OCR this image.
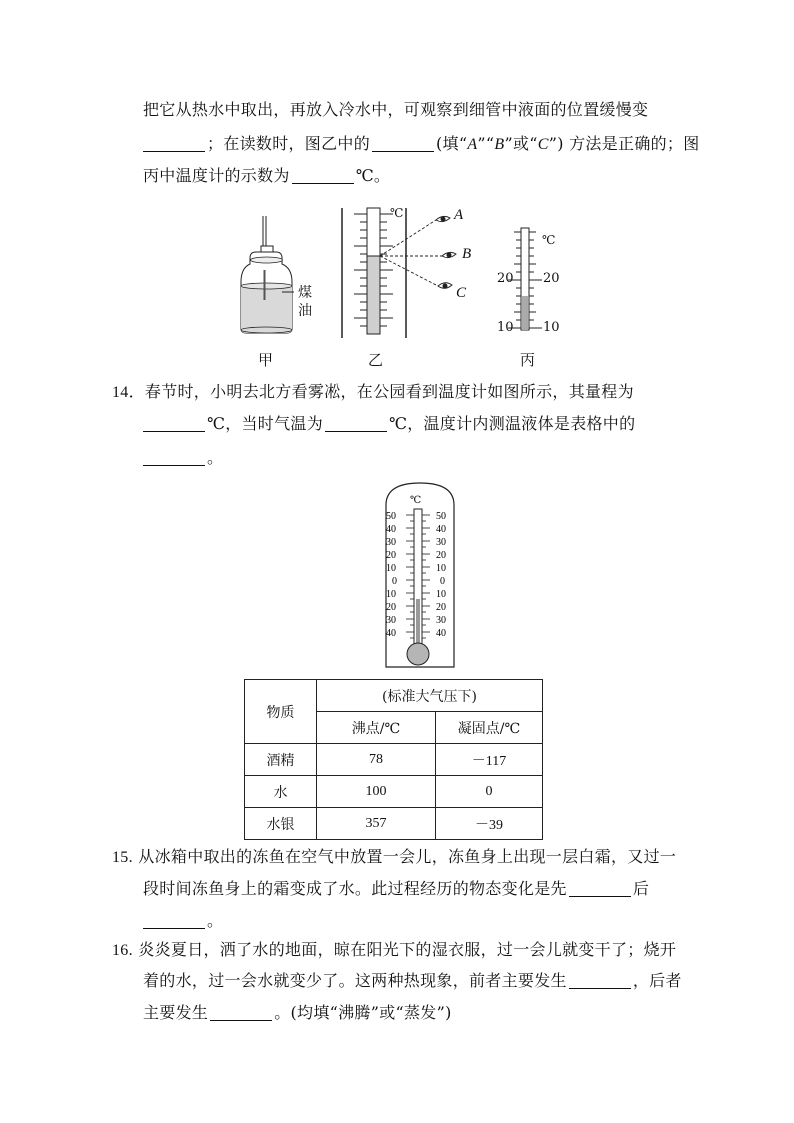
把它从热水中取出，再放入冷水中，可观察到细管中液面的位置缓慢变
；在读数时，图乙中的	(填“A”“B”或“C”) 方法是正确的；图
丙中温度计的示数为	℃。
煤
油
℃	A
B
C
℃
20 20
10 10
甲	乙	丙
14．春节时，小明去北方看雾凇，在公园看到温度计如图所示，其量程为
℃，当时气温为	℃，温度计内测温液体是表格中的
。
℃
50
40
30
20
10
0
10
20
30
40
50
40
30
20
10
0
10
20
30
40
物质	(标准大气压下)	
	沸点/℃	凝固点/℃
酒精	78	－117
水	100	0
水银	357	－39
15. 从冰箱中取出的冻鱼在空气中放置一会儿，冻鱼身上出现一层白霜，又过一
段时间冻鱼身上的霜变成了水。此过程经历的物态变化是先	后
。
16. 炎炎夏日，洒了水的地面，晾在阳光下的湿衣服，过一会儿就变干了；烧开
着的水，过一会水就变少了。这两种热现象，前者主要发生	，后者
主要发生	。(均填“沸腾”或“蒸发”)
